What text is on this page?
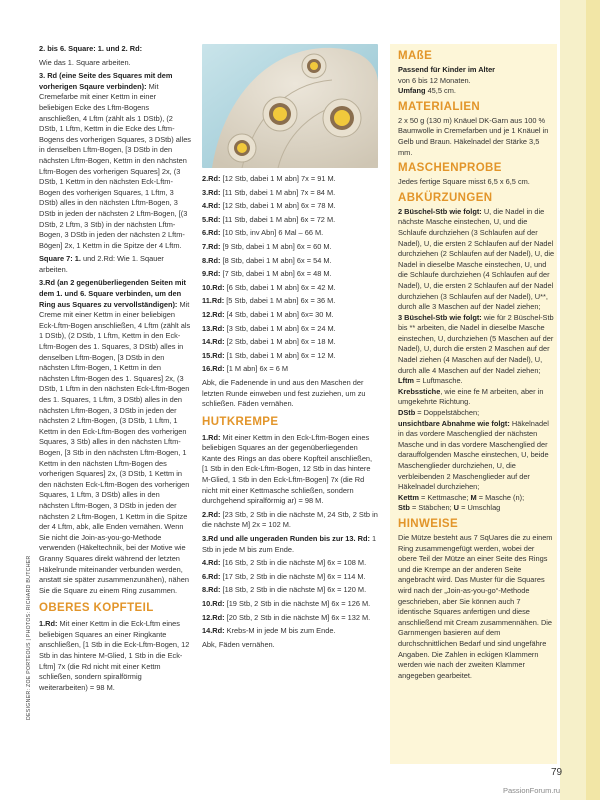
2. bis 6. Square: 1. und 2. Rd:

Wie das 1. Square arbeiten.

3. Rd (eine Seite des Squares mit dem vorherigen Sqaure verbinden): Mit Cremefarbe mit einer Kettm in einer beliebigen Ecke des Lftm-Bogens anschließen, 4 Lftm (zählt als 1 DStb), (2 DStb, 1 Lftm, Kettm in die Ecke des Lftm-Bogens des vorherigen Squares, 3 DStb) alles in denselben Lftm-Bogen, [3 DStb in den nächsten Lftm-Bogen, Kettm in den nächsten Lftm-Bogen des vorherigen Squares] 2x, (3 DStb, 1 Kettm in den nächsten Eck-Lftm-Bogen des vorherigen Squares, 1 Lftm, 3 DStb) alles in den nächsten Lftm-Bogen, 3 DStb in jeden der nächsten 2 Lftm-Bogen, [(3 DStb, 2 Lftm, 3 Stb) in der nächsten Lftm-Bogen, 3 DStb in jeden der nächsten 2 Lftm-Bögen] 2x, 1 Kettm in die Spitze der 4 Lftm.

Square 7: 1. und 2.Rd: Wie 1. Sqauer arbeiten.

3.Rd (an 2 gegenüberliegenden Seiten mit dem 1. und 6. Square verbinden, um den Ring aus Squares zu vervollständigen): Mit Creme mit einer Kettm in einer beliebigen Eck-Lftm-Bogen anschließen, 4 Lftm (zählt als 1 DStb), (2 DStb, 1 Lftm, Kettm in den Eck-Lftm-Bogen des 1. Squares, 3 DStb) alles in denselben Lftm-Bogen, [3 DStb in den nächsten Lftm-Bogen, 1 Kettm in den nächsten Lftm-Bogen des 1. Squares] 2x, (3 DStb, 1 Lftm in den nächsten Eck-Lftm-Bogen des 1. Squares, 1 Lftm, 3 DStb) alles in den nächsten Lftm-Bogen, 3 DStb in jeden der nächsten 2 Lftm-Bogen, (3 DStb, 1 Lftm, 1 Kettm in den Eck-Lftm-Bogen des vorherigen Squares, 3 Stb) alles in den nächsten Lftm-Bogen, [3 Stb in den nächsten Lftm-Bogen, 1 Kettm in den nächsten Lftm-Bogen des vorherigen Squares] 2x, (3 DStb, 1 Kettm in den nächsten Eck-Lftm-Bogen des vorherigen Squares, 1 Lftm, 3 DStb) alles in den nächsten Lftm-Bogen, 3 DStb in jeden der nächsten 2 Lftm-Bogen, 1 Kettm in die Spitze der 4 Lftm, abk, alle Enden vernähen. Wenn Sie nicht die Join-as-you-go-Methode verwenden (Häkeltechnik, bei der Motive wie Granny Squares direkt während der letzten Häkelrunde miteinander verbunden werden, anstatt sie später zusammenzunähen), nähen Sie die Square zu einem Ring zusammen.

OBERES KOPFTEIL

1.Rd: Mit einer Kettm in die Eck-Lftm eines beliebigen Squares an einer Ringkante anschließen, [1 Stb in die Eck-Lftm-Bogen, 12 Stb in das hintere M-Glied, 1 Stb in die Eck-Lftm] 7x (die Rd nicht mit einer Kettm schließen, sondern spiralförmig weiterarbeiten) = 98 M.

2.Rd: [12 Stb, dabei 1 M abn] 7x = 91 M.

3.Rd: [11 Stb, dabei 1 M abn] 7x = 84 M.

4.Rd: [12 Stb, dabei 1 M abn] 6x = 78 M.

5.Rd: [11 Stb, dabei 1 M abn] 6x = 72 M.

6.Rd: [10 Stb, inv Abn] 6 Mal – 66 M.

7.Rd: [9 Stb, dabei 1 M abn] 6x = 60 M.

8.Rd: [8 Stb, dabei 1 M abn] 6x = 54 M.

9.Rd: [7 Stb, dabei 1 M abn] 6x = 48 M.

10.Rd: [6 Stb, dabei 1 M abn] 6x = 42 M.

11.Rd: [5 Stb, dabei 1 M abn] 6x = 36 M.

12.Rd: [4 Stb, dabei 1 M abn] 6x= 30 M.

13.Rd: [3 Stb, dabei 1 M abn] 6x = 24 M.

14.Rd: [2 Stb, dabei 1 M abn] 6x = 18 M.

15.Rd: [1 Stb, dabei 1 M abn] 6x = 12 M.

16.Rd: [1 M abn] 6x = 6 M

Abk, die Fadenende in und aus den Maschen der letzten Runde einweben und fest zuziehen, um zu schließen. Fäden vernähen.

HUTKREMPE

1.Rd: Mit einer Kettm in den Eck-Lftm-Bogen eines beliebigen Squares an der gegenüberliegenden Kante des Rings an das obere Kopfteil anschließen, [1 Stb in den Eck-Lftm-Bogen, 12 Stb in das hintere M-Glied, 1 Stb in den Eck-Lftm-Bogen] 7x (die Rd nicht mit einer Kettmasche schließen, sondern durchgehend spiralförmig ar) = 98 M.

2.Rd: [23 Stb, 2 Stb in die nächste M, 24 Stb, 2 Stb in die nächste M] 2x = 102 M.

3.Rd und alle ungeraden Runden bis zur 13. Rd: 1 Stb in jede M bis zum Ende.

4.Rd: [16 Stb, 2 Stb in die nächste M] 6x = 108 M.

6.Rd: [17 Stb, 2 Stb in die nächste M] 6x = 114 M.

8.Rd: [18 Stb, 2 Stb in die nächste M] 6x = 120 M.

10.Rd: [19 Stb, 2 Stb in die nächste M] 6x = 126 M.

12.Rd: [20 Stb, 2 Stb in die nächste M] 6x = 132 M.

14.Rd: Krebs-M in jede M bis zum Ende.

Abk, Fäden vernähen.

MAßE

Passend für Kinder im Alter

von 6 bis 12 Monaten.

Umfang 45,5 cm.

MATERIALIEN

2 x 50 g (130 m) Knäuel DK-Garn aus 100 % Baumwolle in Cremefarben und je 1 Knäuel in Gelb und Braun. Häkelnadel der Stärke 3,5 mm.

MASCHENPROBE

Jedes fertige Square misst 6,5 x 6,5 cm.

ABKÜRZUNGEN

2 Büschel-Stb wie folgt: U, die Nadel in die nächste Masche einstechen, U, und die Schlaufe durchziehen (3 Schlaufen auf der Nadel), U, die ersten 2 Schlaufen auf der Nadel durchziehen (2 Schlaufen auf der Nadel), U, die Nadel in dieselbe Masche einstechen, U, und die Schlaufe durchziehen (4 Schlaufen auf der Nadel), U, die ersten 2 Schlaufen auf der Nadel durchziehen (3 Schlaufen auf der Nadel), U**, durch alle 3 Maschen auf der Nadel ziehen;
3 Büschel-Stb wie folgt: wie für 2 Büschel-Stb bis ** arbeiten, die Nadel in dieselbe Masche einstechen, U, durchziehen (5 Maschen auf der Nadel), U, durch die ersten 2 Maschen auf der Nadel ziehen (4 Maschen auf der Nadel), U, durch alle 4 Maschen auf der Nadel ziehen; Lftm = Luftmasche.
Krebsstiche, wie eine fe M arbeiten, aber in umgekehrte Richtung.
DStb = Doppelstäbchen;
unsichtbare Abnahme wie folgt: Häkelnadel in das vordere Maschenglied der nächsten Masche und in das vordere Maschenglied der darauffolgenden Masche einstechen, U, beide Maschenglieder durchziehen, U, die verbleibenden 2 Maschenglieder auf der Häkelnadel durchziehen;
Kettm = Kettmasche; M = Masche (n);
Stb = Stäbchen; U = Umschlag

HINWEISE

Die Mütze besteht aus 7 SqUares die zu einem Ring zusammengefügt werden, wobei der obere Teil der Mütze an einer Seite des Rings und die Krempe an der anderen Seite angebracht wird. Das Muster für die Squares wird nach der „Join-as-you-go“-Methode geschrieben, aber Sie können auch 7 identische Squares anfertigen und diese anschließend mit Cream zusammennähen. Die Garnmengen basieren auf dem durchschnittlichen Bedarf und sind ungefähre Angaben. Die Zahlen in eckigen Klammern werden wie nach der zweiten Klammer angegeben gearbeitet.

DESIGNER: ZOE PORTEOUS | PHOTOS: RICHARD BUTCHER
79
PassionForum.ru
